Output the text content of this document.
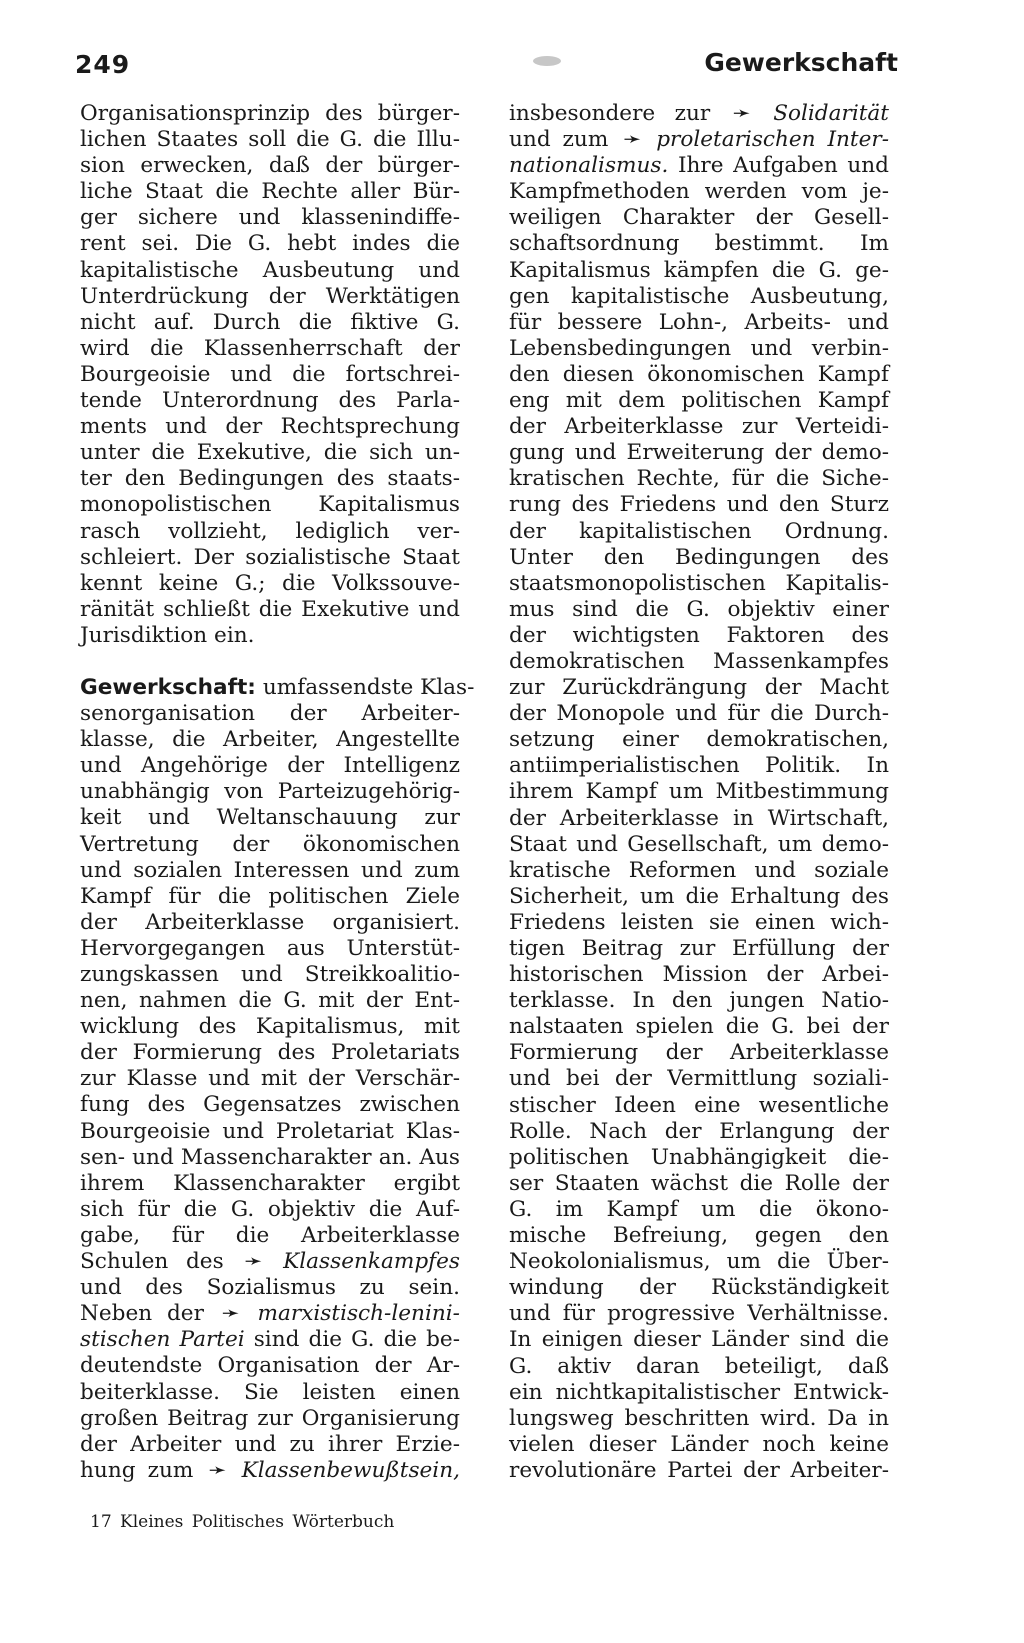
249	Gewerkschaft
Organisationsprinzip des bürger-
lichen Staates soll die G. die Illu-
sion erwecken, daß der bürger-
liche Staat die Rechte aller Bür-
ger sichere und klassenindiffe-
rent sei. Die G. hebt indes die
kapitalistische Ausbeutung und
Unterdrückung der Werktätigen
nicht auf. Durch die fiktive G.
wird die Klassenherrschaft der
Bourgeoisie und die fortschrei-
tende Unterordnung des Parla-
ments und der Rechtsprechung
unter die Exekutive, die sich un-
ter den Bedingungen des staats-
monopolistischen Kapitalismus
rasch vollzieht, lediglich ver-
schleiert. Der sozialistische Staat
kennt keine G.; die Volkssouve-
ränität schließt die Exekutive und
Jurisdiktion ein.
Gewerkschaft: umfassendste Klas-
senorganisation der Arbeiter-
klasse, die Arbeiter, Angestellte
und Angehörige der Intelligenz
unabhängig von Parteizugehörig-
keit und Weltanschauung zur
Vertretung der ökonomischen
und sozialen Interessen und zum
Kampf für die politischen Ziele
der Arbeiterklasse organisiert.
Hervorgegangen aus Unterstüt-
zungskassen und Streikkoalitio-
nen, nahmen die G. mit der Ent-
wicklung des Kapitalismus, mit
der Formierung des Proletariats
zur Klasse und mit der Verschär-
fung des Gegensatzes zwischen
Bourgeoisie und Proletariat Klas-
sen- und Massencharakter an. Aus
ihrem Klassencharakter ergibt
sich für die G. objektiv die Auf-
gabe, für die Arbeiterklasse
Schulen des ➛ Klassenkampfes
und des Sozialismus zu sein.
Neben der ➛ marxistisch-lenini-
stischen Partei sind die G. die be-
deutendste Organisation der Ar-
beiterklasse. Sie leisten einen
großen Beitrag zur Organisierung
der Arbeiter und zu ihrer Erzie-
hung zum ➛ Klassenbewußtsein,
insbesondere zur ➛ Solidarität
und zum ➛ proletarischen Inter-
nationalismus. Ihre Aufgaben und
Kampfmethoden werden vom je-
weiligen Charakter der Gesell-
schaftsordnung bestimmt. Im
Kapitalismus kämpfen die G. ge-
gen kapitalistische Ausbeutung,
für bessere Lohn-, Arbeits- und
Lebensbedingungen und verbin-
den diesen ökonomischen Kampf
eng mit dem politischen Kampf
der Arbeiterklasse zur Verteidi-
gung und Erweiterung der demo-
kratischen Rechte, für die Siche-
rung des Friedens und den Sturz
der kapitalistischen Ordnung.
Unter den Bedingungen des
staatsmonopolistischen Kapitalis-
mus sind die G. objektiv einer
der wichtigsten Faktoren des
demokratischen Massenkampfes
zur Zurückdrängung der Macht
der Monopole und für die Durch-
setzung einer demokratischen,
antiimperialistischen Politik. In
ihrem Kampf um Mitbestimmung
der Arbeiterklasse in Wirtschaft,
Staat und Gesellschaft, um demo-
kratische Reformen und soziale
Sicherheit, um die Erhaltung des
Friedens leisten sie einen wich-
tigen Beitrag zur Erfüllung der
historischen Mission der Arbei-
terklasse. In den jungen Natio-
nalstaaten spielen die G. bei der
Formierung der Arbeiterklasse
und bei der Vermittlung soziali-
stischer Ideen eine wesentliche
Rolle. Nach der Erlangung der
politischen Unabhängigkeit die-
ser Staaten wächst die Rolle der
G. im Kampf um die ökono-
mische Befreiung, gegen den
Neokolonialismus, um die Über-
windung der Rückständigkeit
und für progressive Verhältnisse.
In einigen dieser Länder sind die
G. aktiv daran beteiligt, daß
ein nichtkapitalistischer Entwick-
lungsweg beschritten wird. Da in
vielen dieser Länder noch keine
revolutionäre Partei der Arbeiter-
17 Kleines Politisches Wörterbuch
